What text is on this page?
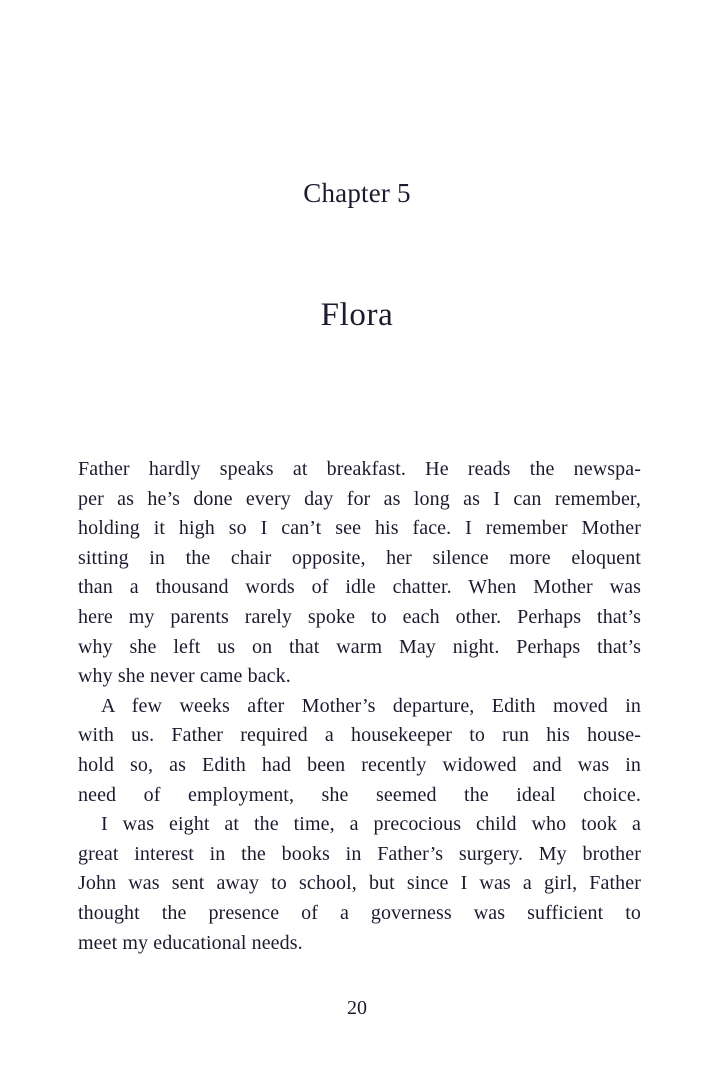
Chapter 5
Flora
Father hardly speaks at breakfast. He reads the newspa-
per as he’s done every day for as long as I can remember,
holding it high so I can’t see his face. I remember Mother
sitting in the chair opposite, her silence more eloquent
than a thousand words of idle chatter. When Mother was
here my parents rarely spoke to each other. Perhaps that’s
why she left us on that warm May night. Perhaps that’s
why she never came back.
A few weeks after Mother’s departure, Edith moved in
with us. Father required a housekeeper to run his house-
hold so, as Edith had been recently widowed and was in
need of employment, she seemed the ideal choice.
I was eight at the time, a precocious child who took a
great interest in the books in Father’s surgery. My brother
John was sent away to school, but since I was a girl, Father
thought the presence of a governess was sufficient to
meet my educational needs.
20
